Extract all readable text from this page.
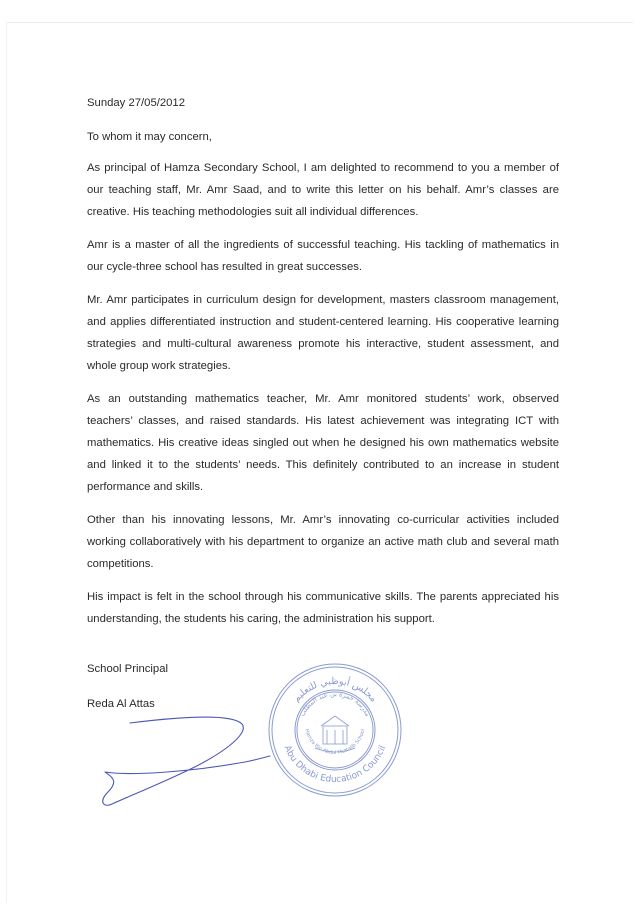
Sunday 27/05/2012

To whom it may concern,

As principal of Hamza Secondary School, I am delighted to recommend to you a member of our teaching staff, Mr. Amr Saad, and to write this letter on his behalf. Amr’s classes are creative. His teaching methodologies suit all individual differences.

Amr is a master of all the ingredients of successful teaching. His tackling of mathematics in our cycle-three school has resulted in great successes.

Mr. Amr participates in curriculum design for development, masters classroom management, and applies differentiated instruction and student-centered learning. His cooperative learning strategies and multi-cultural awareness promote his interactive, student assessment, and whole group work strategies.

As an outstanding mathematics teacher, Mr. Amr monitored students’ work, observed teachers’ classes, and raised standards. His latest achievement was integrating ICT with mathematics. His creative ideas singled out when he designed his own mathematics website and linked it to the students’ needs. This definitely contributed to an increase in student performance and skills.

Other than his innovating lessons, Mr. Amr’s innovating co-curricular activities included working collaboratively with his department to organize an active math club and several math competitions.

His impact is felt in the school through his communicative skills. The parents appreciated his understanding, the students his caring, the administration his support.

School Principal
Reda Al Attas	مجلس أبوظبي للتعليم
مدرسة حمزة بن عبد المطلب
Hamza Bin Abdul Muttalib School
Abu Dhabi Education Council
